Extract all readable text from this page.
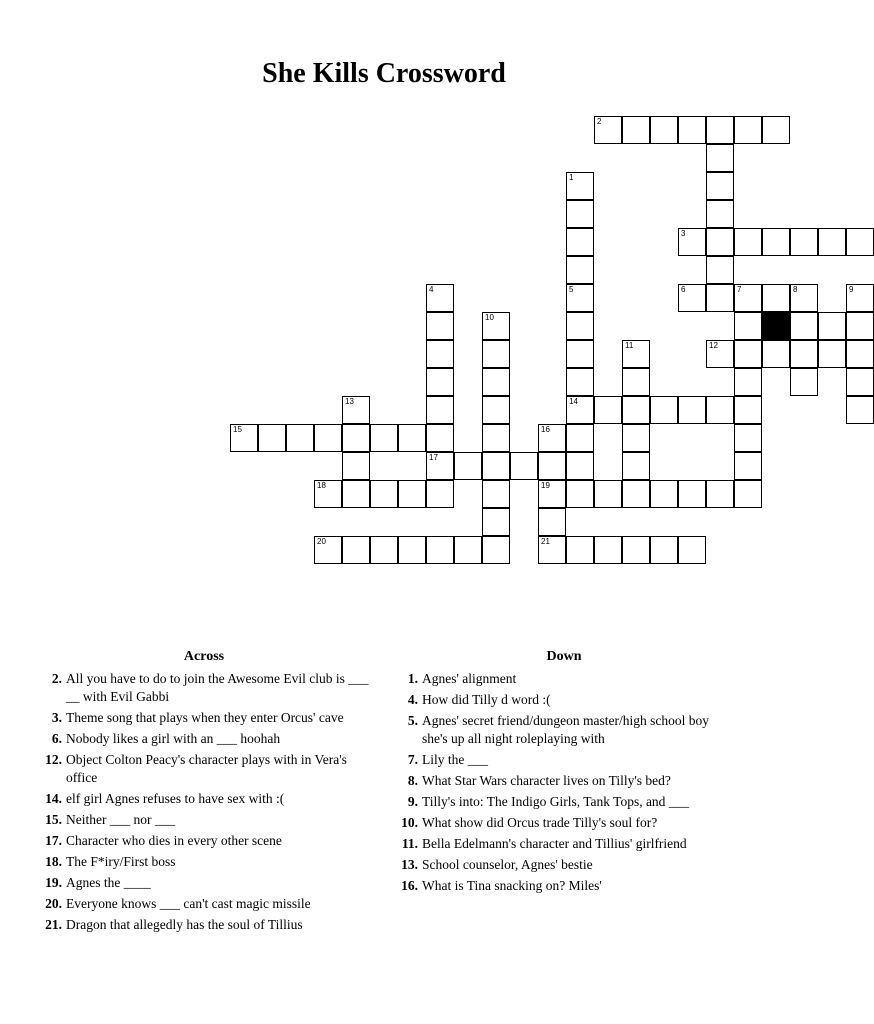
She Kills Crossword
1
5
2
3
6	7	8	9
12
4
17
10
14
11
13
15	16
19
18
20	21
Across
2. All you have to do to join the Awesome Evil club is ___ __ with Evil Gabbi
3. Theme song that plays when they enter Orcus' cave
6. Nobody likes a girl with an ___ hoohah
12. Object Colton Peacy's character plays with in Vera's office
14. elf girl Agnes refuses to have sex with :(
15. Neither ___ nor ___
17. Character who dies in every other scene
18. The F*iry/First boss
19. Agnes the ____
20. Everyone knows ___ can't cast magic missile
21. Dragon that allegedly has the soul of Tillius
Down
1. Agnes' alignment
4. How did Tilly d word :(
5. Agnes' secret friend/dungeon master/high school boy she's up all night roleplaying with
7. Lily the ___
8. What Star Wars character lives on Tilly's bed?
9. Tilly's into: The Indigo Girls, Tank Tops, and ___
10. What show did Orcus trade Tilly's soul for?
11. Bella Edelmann's character and Tillius' girlfriend
13. School counselor, Agnes' bestie
16. What is Tina snacking on? Miles'
